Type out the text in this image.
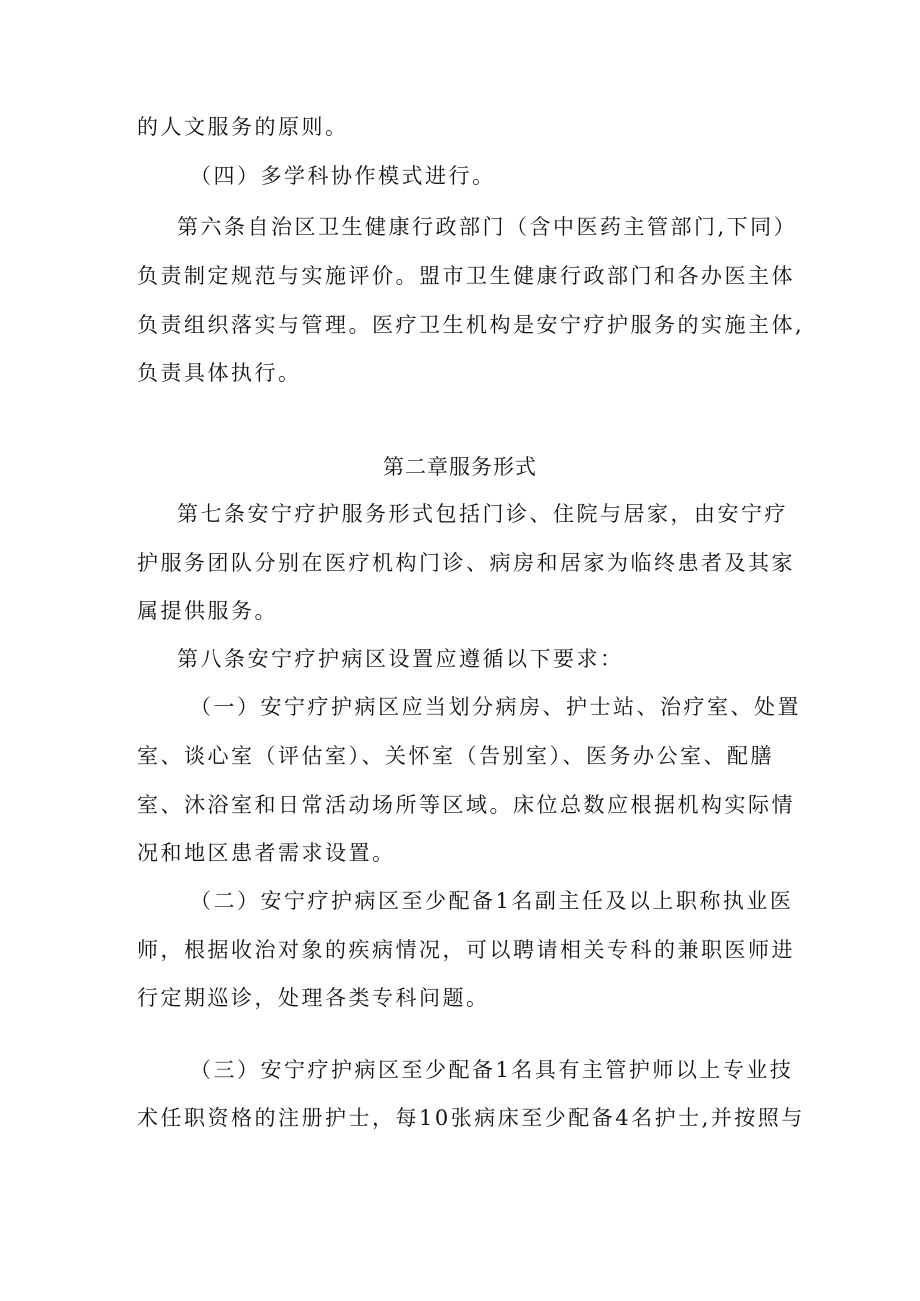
的人文服务的原则。
（四）多学科协作模式进行。
第六条自治区卫生健康行政部门（含中医药主管部门,下同）
负责制定规范与实施评价。盟市卫生健康行政部门和各办医主体
负责组织落实与管理。医疗卫生机构是安宁疗护服务的实施主体,
负责具体执行。
第二章服务形式
第七条安宁疗护服务形式包括门诊、住院与居家，由安宁疗
护服务团队分别在医疗机构门诊、病房和居家为临终患者及其家
属提供服务。
第八条安宁疗护病区设置应遵循以下要求：
（一）安宁疗护病区应当划分病房、护士站、治疗室、处置
室、谈心室（评估室）、关怀室（告别室）、医务办公室、配膳
室、沐浴室和日常活动场所等区域。床位总数应根据机构实际情
况和地区患者需求设置。
（二）安宁疗护病区至少配备1名副主任及以上职称执业医
师，根据收治对象的疾病情况，可以聘请相关专科的兼职医师进
行定期巡诊，处理各类专科问题。
（三）安宁疗护病区至少配备1名具有主管护师以上专业技
术任职资格的注册护士，每10张病床至少配备4名护士,并按照与
